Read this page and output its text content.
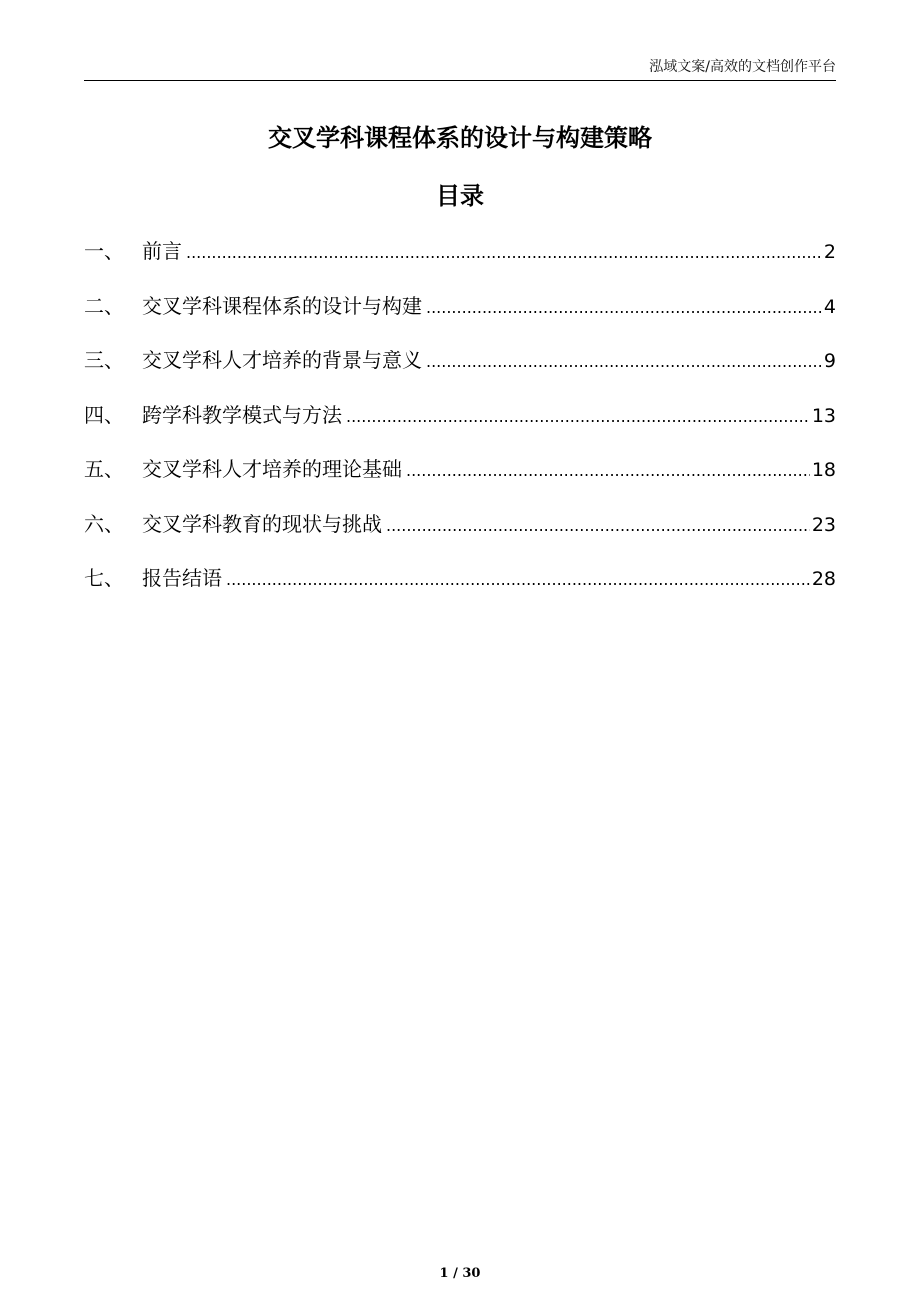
泓域文案/高效的文档创作平台
交叉学科课程体系的设计与构建策略
目录
一、 前言 .....	2
二、 交叉学科课程体系的设计与构建 .....	4
三、 交叉学科人才培养的背景与意义 .....	9
四、 跨学科教学模式与方法 .....	13
五、 交叉学科人才培养的理论基础 .....	18
六、 交叉学科教育的现状与挑战 .....	23
七、 报告结语 .....	28
1 / 30
